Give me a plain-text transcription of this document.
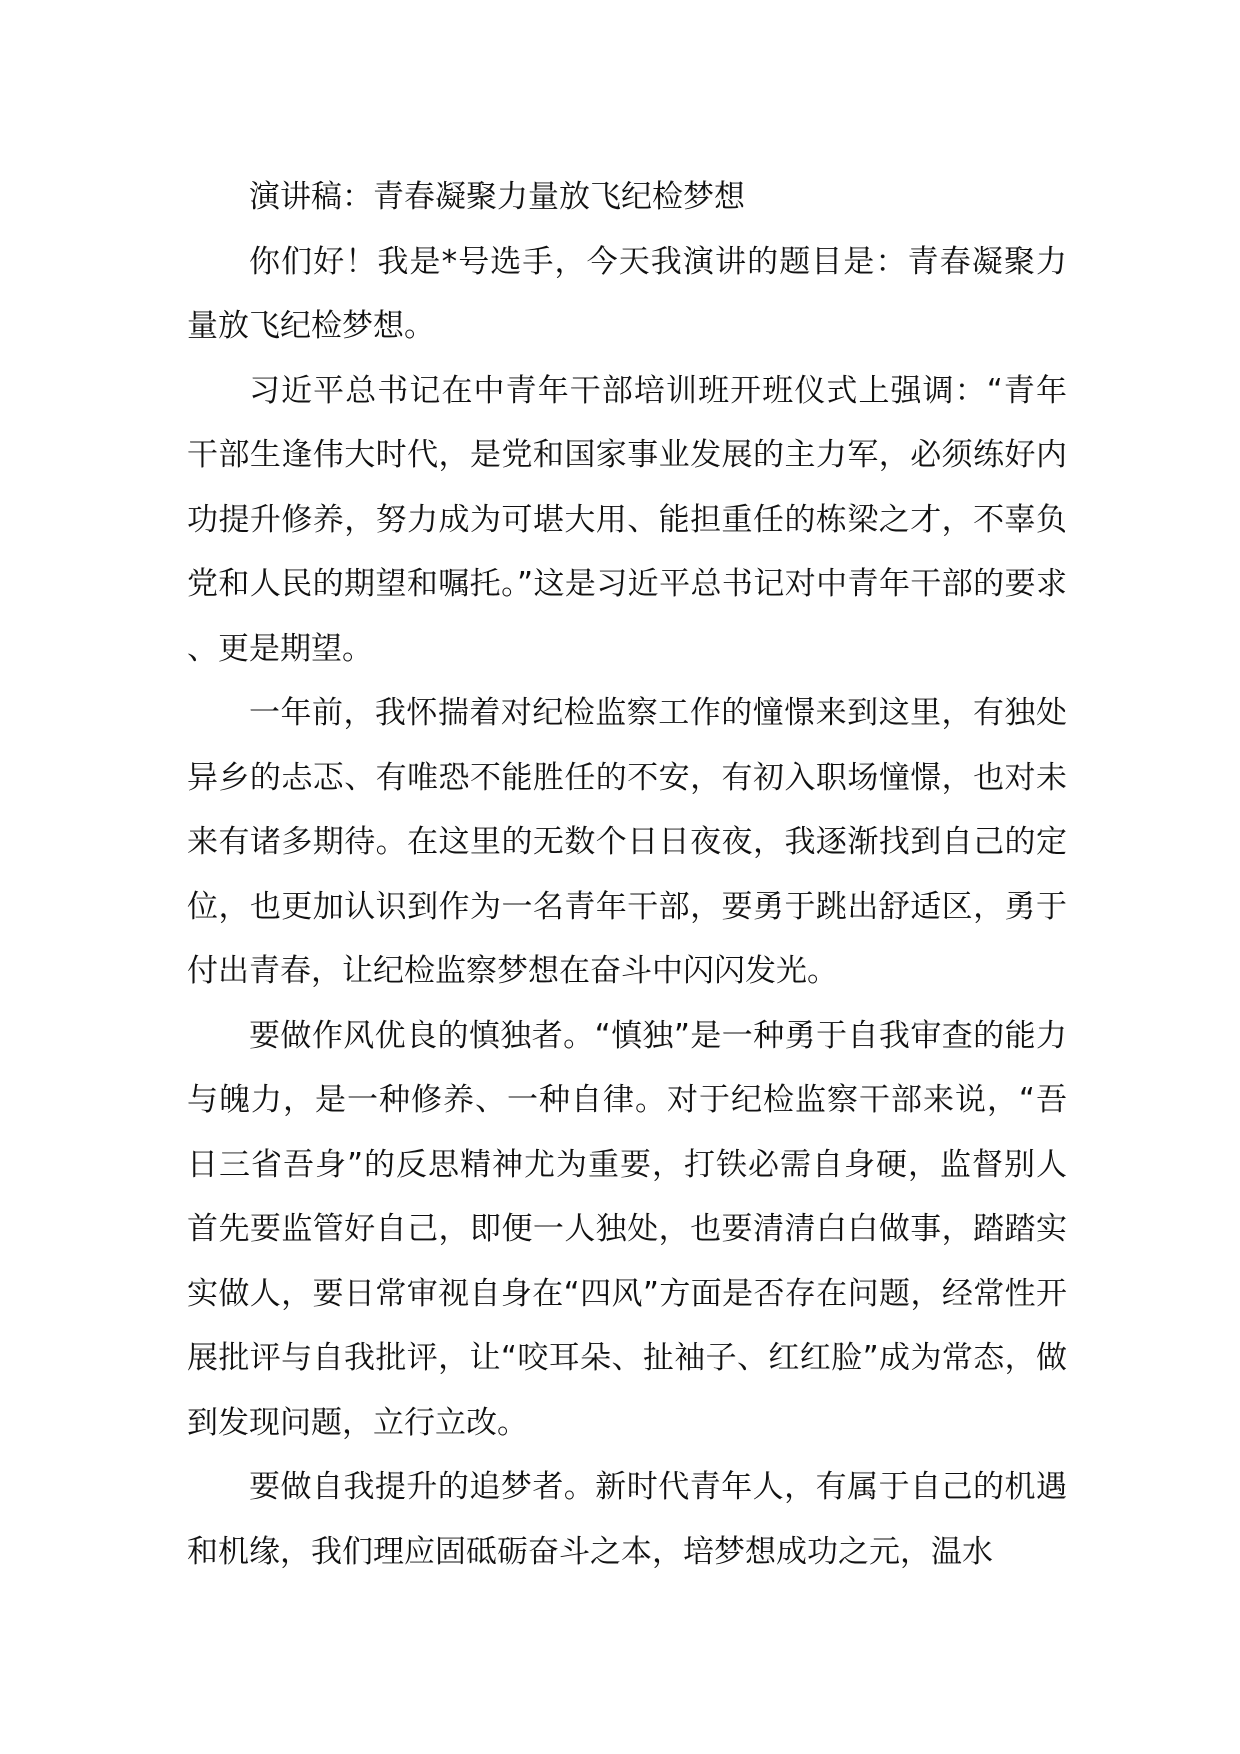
演讲稿：青春凝聚力量放飞纪检梦想

你们好！我是*号选手，今天我演讲的题目是：青春凝聚力量放飞纪检梦想。

习近平总书记在中青年干部培训班开班仪式上强调：“青年干部生逢伟大时代，是党和国家事业发展的主力军，必须练好内功提升修养，努力成为可堪大用、能担重任的栋梁之才，不辜负党和人民的期望和嘱托。”这是习近平总书记对中青年干部的要求、更是期望。

一年前，我怀揣着对纪检监察工作的憧憬来到这里，有独处异乡的忐忑、有唯恐不能胜任的不安，有初入职场憧憬，也对未来有诸多期待。在这里的无数个日日夜夜，我逐渐找到自己的定位，也更加认识到作为一名青年干部，要勇于跳出舒适区，勇于付出青春，让纪检监察梦想在奋斗中闪闪发光。

要做作风优良的慎独者。“慎独”是一种勇于自我审查的能力与魄力，是一种修养、一种自律。对于纪检监察干部来说，“吾日三省吾身”的反思精神尤为重要，打铁必需自身硬，监督别人首先要监管好自己，即便一人独处，也要清清白白做事，踏踏实实做人，要日常审视自身在“四风”方面是否存在问题，经常性开展批评与自我批评，让“咬耳朵、扯袖子、红红脸”成为常态，做到发现问题，立行立改。

要做自我提升的追梦者。新时代青年人，有属于自己的机遇和机缘，我们理应固砥砺奋斗之本，培梦想成功之元，温水
